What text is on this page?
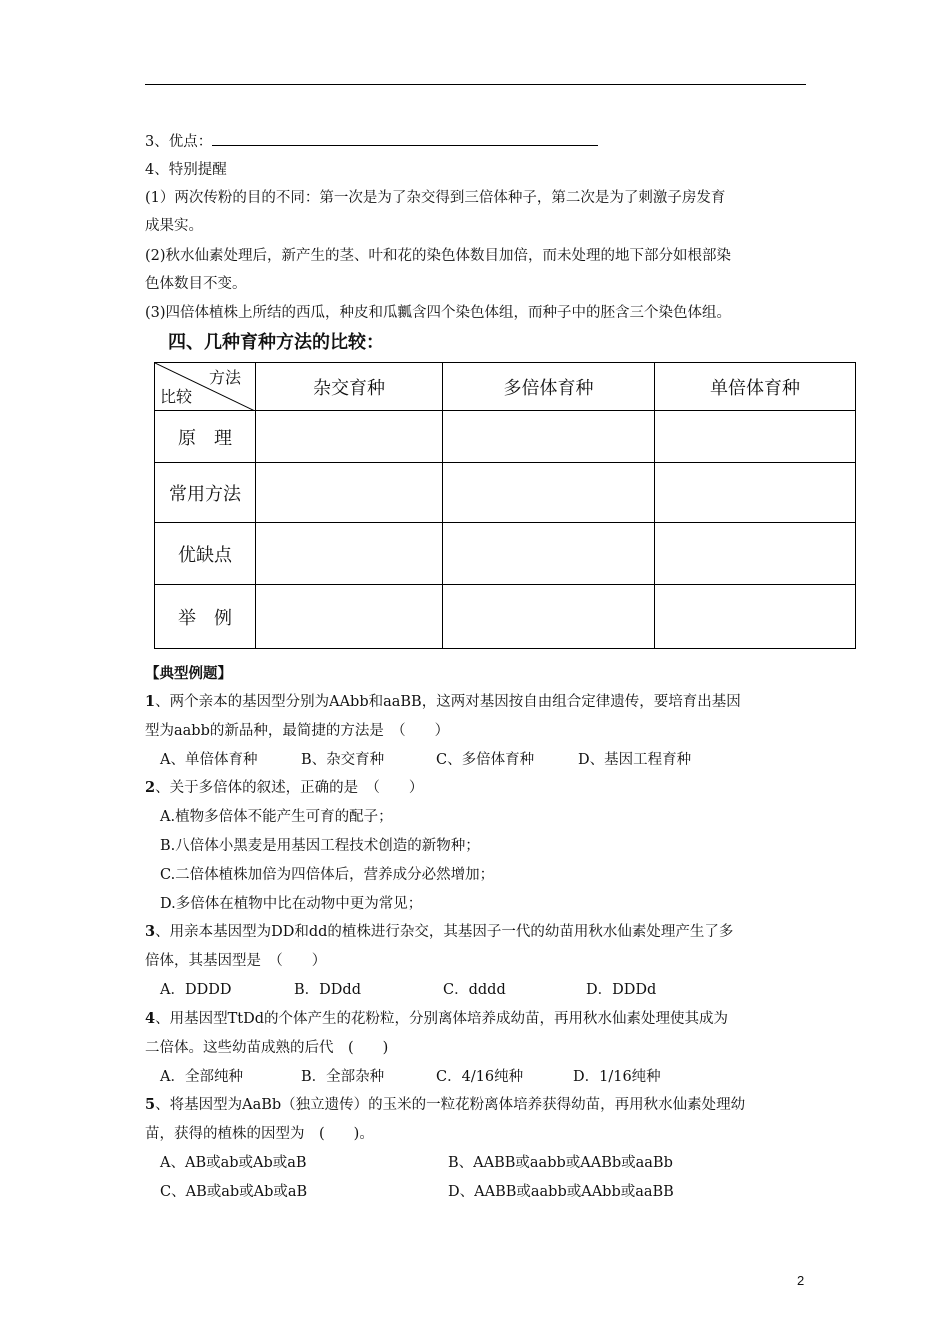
3、优点：
4、特别提醒
(1）两次传粉的目的不同：第一次是为了杂交得到三倍体种子，第二次是为了刺激子房发育
成果实。
(2)秋水仙素处理后，新产生的茎、叶和花的染色体数目加倍，而未处理的地下部分如根部染
色体数目不变。
(3)四倍体植株上所结的西瓜，种皮和瓜瓤含四个染色体组，而种子中的胚含三个染色体组。
四、几种育种方法的比较：
方法
比较	杂交育种	多倍体育种	单倍体育种
原　理			
常用方法			
优缺点			
举　例			
【典型例题】
1、两个亲本的基因型分别为AAbb和aaBB，这两对基因按自由组合定律遗传，要培育出基因
型为aabb的新品种，最简捷的方法是　（　　）
A、单倍体育种	B、杂交育种	C、多倍体育种	D、基因工程育种
2、关于多倍体的叙述，正确的是　（　　）
A.植物多倍体不能产生可育的配子；
B.八倍体小黑麦是用基因工程技术创造的新物种；
C.二倍体植株加倍为四倍体后，营养成分必然增加；
D.多倍体在植物中比在动物中更为常见；
3、用亲本基因型为DD和dd的植株进行杂交，其基因子一代的幼苗用秋水仙素处理产生了多
倍体，其基因型是　（　　）
A．DDDD	B．DDdd	C．dddd	D．DDDd
4、用基因型TtDd的个体产生的花粉粒，分别离体培养成幼苗，再用秋水仙素处理使其成为
二倍体。这些幼苗成熟的后代　(　　)
A．全部纯种	B．全部杂种	C．4/16纯种	D．1/16纯种
5、将基因型为AaBb（独立遗传）的玉米的一粒花粉离体培养获得幼苗，再用秋水仙素处理幼
苗，获得的植株的因型为　(　　)。
A、AB或ab或Ab或aB	B、AABB或aabb或AABb或aaBb
C、AB或ab或Ab或aB	D、AABB或aabb或AAbb或aaBB
2
